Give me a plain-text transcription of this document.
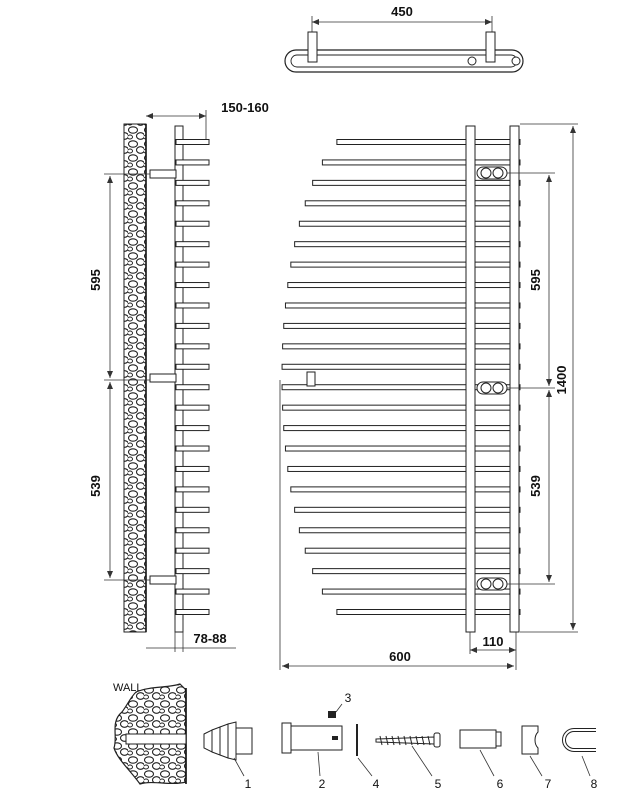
450
150-160
595
539
78-88
595
539
1400
110
600
WALL
1	2
3
4	5	6	7	8
